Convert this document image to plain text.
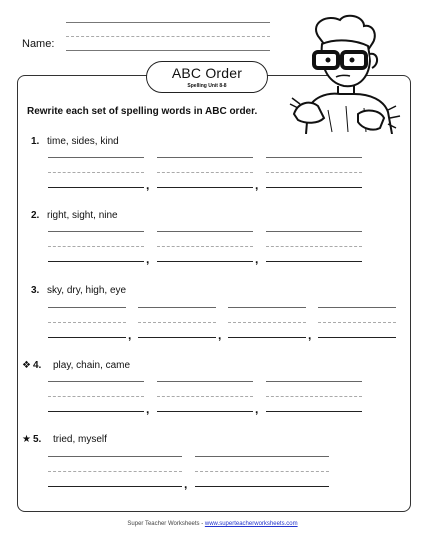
Name:
ABC Order
Spelling Unit 8-8
Rewrite each set of spelling words in ABC order.
1. time, sides, kind
,	,
2. right, sight, nine
,	,
3. sky, dry, high, eye
,	,	,
❖ 4. play, chain, came
,	,
★ 5. tried, myself
,
Super Teacher Worksheets - www.superteacherworksheets.com
